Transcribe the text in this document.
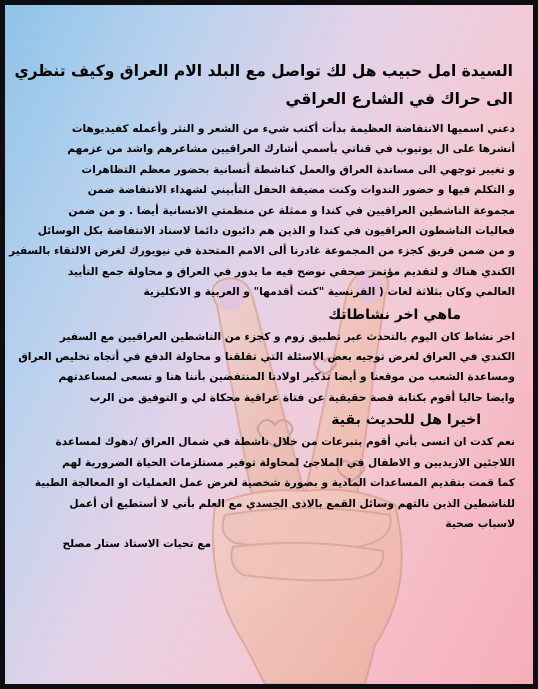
السيدة امل حبيب هل لك تواصل مع البلد الام العراق وكيف تنظري
الى حراك في الشارع العراقي
دعني اسميها الانتفاضة العظيمة بدأت أكتب شيء من الشعر و النثر وأعمله كفيديوهات
أنشرها على ال يوتيوب في قناتي بأسمي أشارك العراقيين مشاعرهم واشد من عزمهم
و تغيير توجهي الى مساندة العراق والعمل كناشطة أنسانية بحضور معظم التظاهرات
و التكلم فيها و حضور الندوات وكنت مضيفة الحفل التأبيني لشهداء الانتفاضة ضمن
مجموعة الناشطين العراقيين في كندا و ممثلة عن منظمتي الانسانية أيضا . و من ضمن
فعاليات الناشطون العراقيون في كندا و الذين هم دائبون دائما لاسناد الانتفاضة بكل الوسائل
و من ضمن فريق كجزء من المجموعة غادرنا ألى الامم المتحدة في نيويورك لغرض الالتقاء بالسفير
الكندي هناك و لتقديم مؤتمر صحفي نوضح فيه ما يدور في العراق و محاولة جمع التأييد
العالمي وكان بثلاثة لغات ( الفرنسية "كنت أقدمها" و العربية و الانكليزية
ماهي اخر نشاطاتك
اخر نشاط كان اليوم بالتحدث عبر تطبيق زوم و كجزء من الناشطين العراقيين مع السفير
الكندي في العراق لغرض توجيه بعض الاسئلة التي تقلقنا و محاولة الدفع في أتجاه تخليص العراق
ومساعدة الشعب من موقعنا و أيضا تذكير اولادنا المنتفضين بأننا هنا و نسعى لمساعدتهم
وايضا حاليا أقوم بكتابة قصة حقيقية عن فتاة عراقية محكاة لي و التوفيق من الرب
اخيرا هل للحديث بقية
نعم كدت ان انسى بأني أقوم بتبرعات من خلال ناشطة في شمال العراق /دهوك لمساعدة
اللاجئين الازيديين و الاطفال في الملاجئ لمحاولة توفير مستلزمات الحياة الضرورية لهم
كما قمت بتقديم المساعدات المادية و بصورة شخصية لغرض عمل العمليات او المعالجة الطبية
للناشطين الذين نالتهم وسائل القمع بالاذى الجسدي مع العلم بأني لا أستطيع أن أعمل
لاسباب صحية
مع تحيات الاستاذ ستار مصلح
